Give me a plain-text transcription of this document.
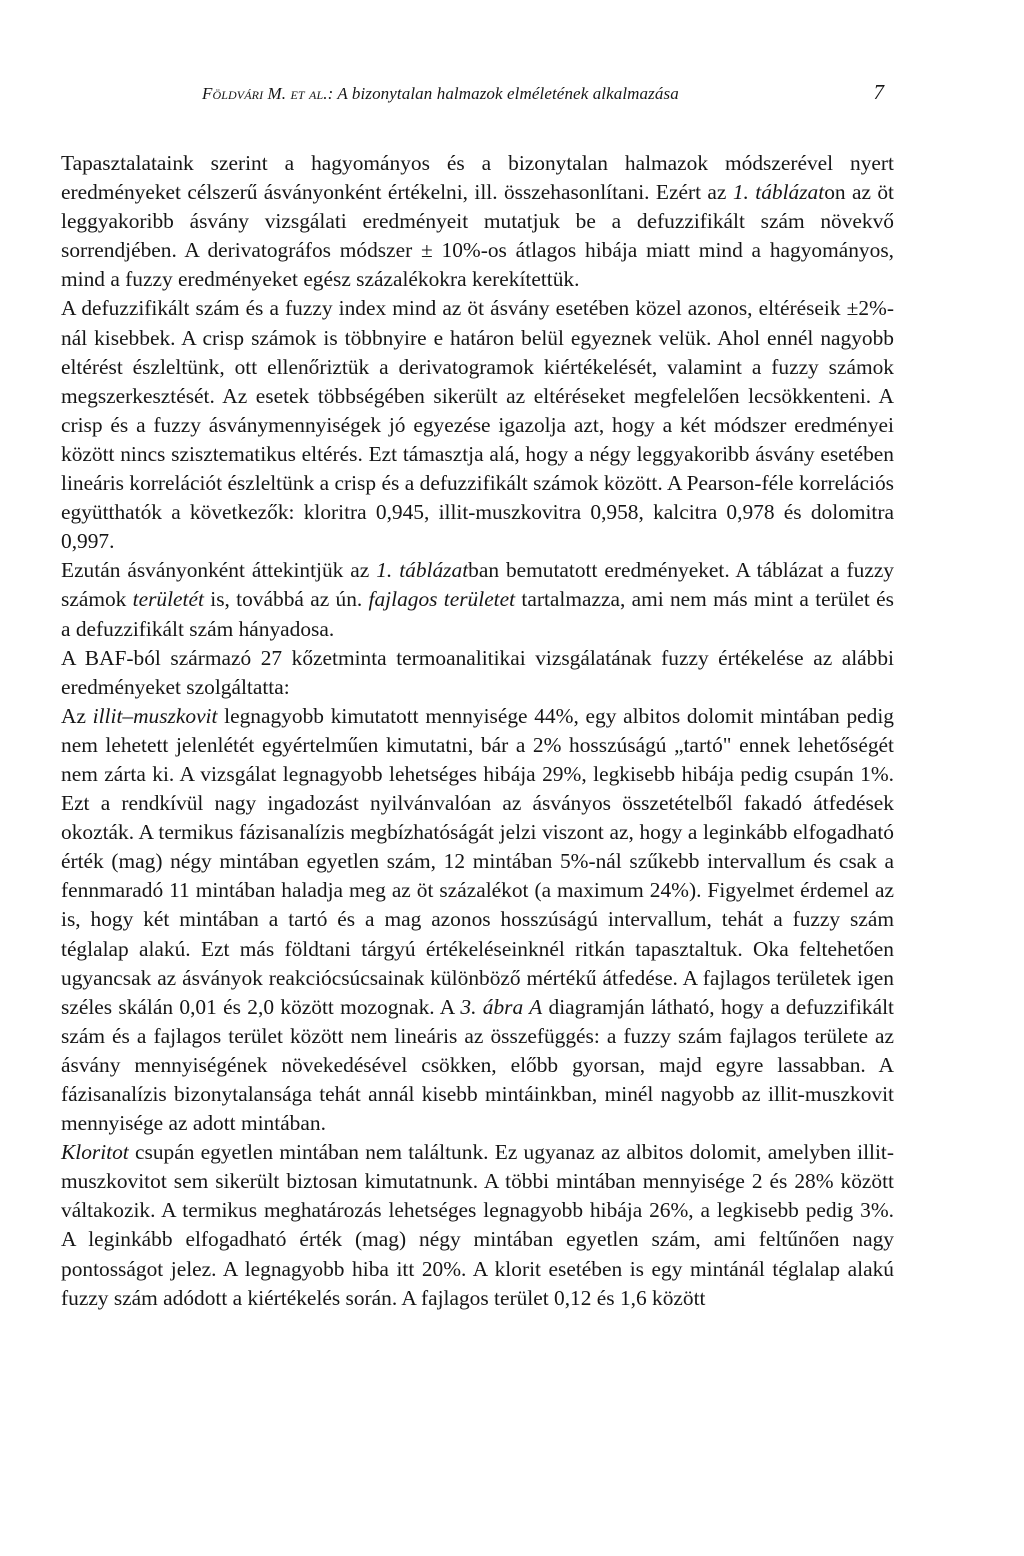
Földvári M. et al.: A bizonytalan halmazok elméletének alkalmazása	7

Tapasztalataink szerint a hagyományos és a bizonytalan halmazok módszerével nyert eredményeket célszerű ásványonként értékelni, ill. összehasonlítani. Ezért az 1. táblázaton az öt leggyakoribb ásvány vizsgálati eredményeit mutatjuk be a defuzzifikált szám növekvő sorrendjében. A derivatográfos módszer ± 10%-os átlagos hibája miatt mind a hagyományos, mind a fuzzy eredményeket egész százalékokra kerekítettük.

A defuzzifikált szám és a fuzzy index mind az öt ásvány esetében közel azonos, eltéréseik ±2%-nál kisebbek. A crisp számok is többnyire e határon belül egyeznek velük. Ahol ennél nagyobb eltérést észleltünk, ott ellenőriztük a derivatogramok kiértékelését, valamint a fuzzy számok megszerkesztését. Az esetek többségében sikerült az eltéréseket megfelelően lecsökkenteni. A crisp és a fuzzy ásványmennyiségek jó egyezése igazolja azt, hogy a két módszer eredményei között nincs szisztematikus eltérés. Ezt támasztja alá, hogy a négy leggyakoribb ásvány esetében lineáris korrelációt észleltünk a crisp és a defuzzifikált számok között. A Pearson-féle korrelációs együtthatók a következők: kloritra 0,945, illit-muszkovitra 0,958, kalcitra 0,978 és dolomitra 0,997.

Ezután ásványonként áttekintjük az 1. táblázatban bemutatott eredményeket. A táblázat a fuzzy számok területét is, továbbá az ún. fajlagos területet tartalmazza, ami nem más mint a terület és a defuzzifikált szám hányadosa.

A BAF-ból származó 27 kőzetminta termoanalitikai vizsgálatának fuzzy értékelése az alábbi eredményeket szolgáltatta:

Az illit–muszkovit legnagyobb kimutatott mennyisége 44%, egy albitos dolomit mintában pedig nem lehetett jelenlétét egyértelműen kimutatni, bár a 2% hosszúságú „tartó" ennek lehetőségét nem zárta ki. A vizsgálat legnagyobb lehetséges hibája 29%, legkisebb hibája pedig csupán 1%. Ezt a rendkívül nagy ingadozást nyilvánvalóan az ásványos összetételből fakadó átfedések okozták. A termikus fázisanalízis megbízhatóságát jelzi viszont az, hogy a leginkább elfogadható érték (mag) négy mintában egyetlen szám, 12 mintában 5%-nál szűkebb intervallum és csak a fennmaradó 11 mintában haladja meg az öt százalékot (a maximum 24%). Figyelmet érdemel az is, hogy két mintában a tartó és a mag azonos hosszúságú intervallum, tehát a fuzzy szám téglalap alakú. Ezt más földtani tárgyú értékeléseinknél ritkán tapasztaltuk. Oka feltehetően ugyancsak az ásványok reakciócsúcsainak különböző mértékű átfedése. A fajlagos területek igen széles skálán 0,01 és 2,0 között mozognak. A 3. ábra A diagramján látható, hogy a defuzzifikált szám és a fajlagos terület között nem lineáris az összefüggés: a fuzzy szám fajlagos területe az ásvány mennyiségének növekedésével csökken, előbb gyorsan, majd egyre lassabban. A fázisanalízis bizonytalansága tehát annál kisebb mintáinkban, minél nagyobb az illit-muszkovit mennyisége az adott mintában.

Kloritot csupán egyetlen mintában nem találtunk. Ez ugyanaz az albitos dolomit, amelyben illit-muszkovitot sem sikerült biztosan kimutatnunk. A többi mintában mennyisége 2 és 28% között váltakozik. A termikus meghatározás lehetséges legnagyobb hibája 26%, a legkisebb pedig 3%. A leginkább elfogadható érték (mag) négy mintában egyetlen szám, ami feltűnően nagy pontosságot jelez. A legnagyobb hiba itt 20%. A klorit esetében is egy mintánál téglalap alakú fuzzy szám adódott a kiértékelés során. A fajlagos terület 0,12 és 1,6 között
